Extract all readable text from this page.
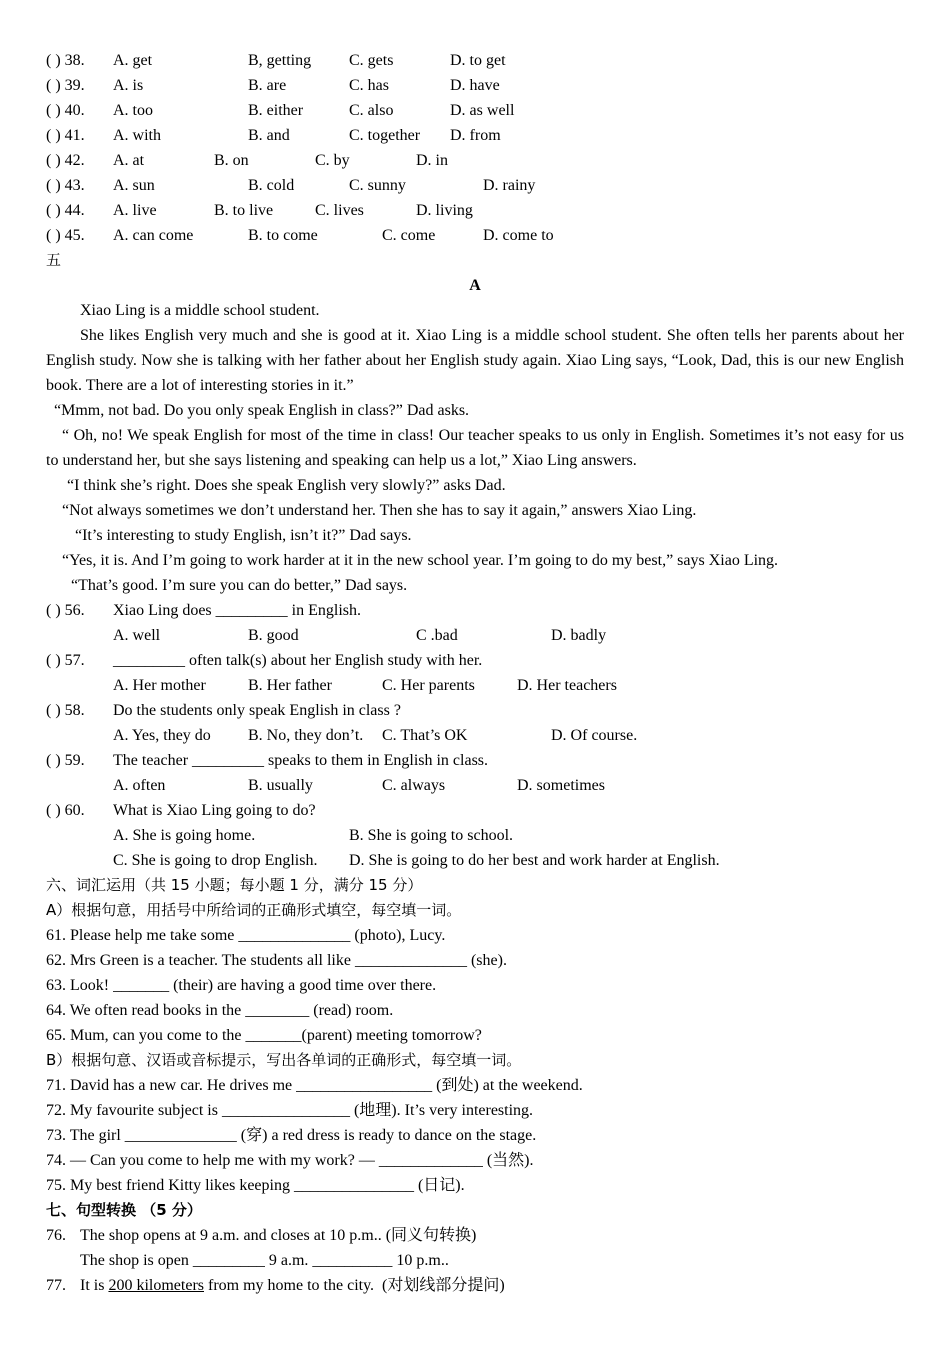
( ) 38. A. get	B, getting C. gets	D. to get
( ) 39. A. is	B. are	C. has	D. have
( ) 40. A. too	B. either	C. also	D. as well
( ) 41. A. with	B. and	C. together D. from
( ) 42. A. at	B. on	C. by	D. in
( ) 43. A. sun	B. cold	C. sunny	D. rainy
( ) 44. A. live	B. to live	C. lives	D. living
( ) 45. A. can come	B. to come	C. come	D. come to
五
A
Xiao Ling is a middle school student.
She likes English very much and she is good at it. Xiao Ling is a middle school student. She often tells her parents about her English study. Now she is talking with her father about her English study again. Xiao Ling says, “Look, Dad, this is our new English book. There are a lot of interesting stories in it.”
“Mmm, not bad. Do you only speak English in class?” Dad asks.
“ Oh, no! We speak English for most of the time in class! Our teacher speaks to us only in English. Sometimes it’s not easy for us to understand her, but she says listening and speaking can help us a lot,” Xiao Ling answers.
“I think she’s right. Does she speak English very slowly?” asks Dad.
“Not always sometimes we don’t understand her. Then she has to say it again,” answers Xiao Ling.
“It’s interesting to study English, isn’t it?” Dad says.
“Yes, it is. And I’m going to work harder at it in the new school year. I’m going to do my best,” says Xiao Ling.
“That’s good. I’m sure you can do better,” Dad says.
( ) 56. Xiao Ling does _________ in English.
A. well	B. good	C .bad	D. badly
( ) 57. _________ often talk(s) about her English study with her.
A. Her mother	B. Her father	C. Her parents	D. Her teachers
( ) 58. Do the students only speak English in class ?
A. Yes, they do B. No, they don’t. C. That’s OK	D. Of course.
( ) 59. The teacher _________ speaks to them in English in class.
A. often	B. usually	C. always	D. sometimes
( ) 60. What is Xiao Ling going to do?
A. She is going home.	B. She is going to school.
C. She is going to drop English. D. She is going to do her best and work harder at English.
六、词汇运用（共 15 小题；每小题 1 分，满分 15 分）
A）根据句意，用括号中所给词的正确形式填空，每空填一词。
61. Please help me take some ______________ (photo), Lucy.
62. Mrs Green is a teacher. The students all like ______________ (she).
63. Look! _______ (their) are having a good time over there.
64. We often read books in the ________ (read) room.
65. Mum, can you come to the _______(parent) meeting tomorrow?
B）根据句意、汉语或音标提示，写出各单词的正确形式，每空填一词。
71. David has a new car. He drives me _________________ (到处) at the weekend.
72. My favourite subject is ________________ (地理). It’s very interesting.
73. The girl ______________ (穿) a red dress is ready to dance on the stage.
74. — Can you come to help me with my work? — _____________ (当然).
75. My best friend Kitty likes keeping _______________ (日记).
七、句型转换 （5 分）
76. The shop opens at 9 a.m. and closes at 10 p.m.. (同义句转换)
The shop is open _________ 9 a.m. __________ 10 p.m..
77. It is 200 kilometers from my home to the city.  (对划线部分提问)
